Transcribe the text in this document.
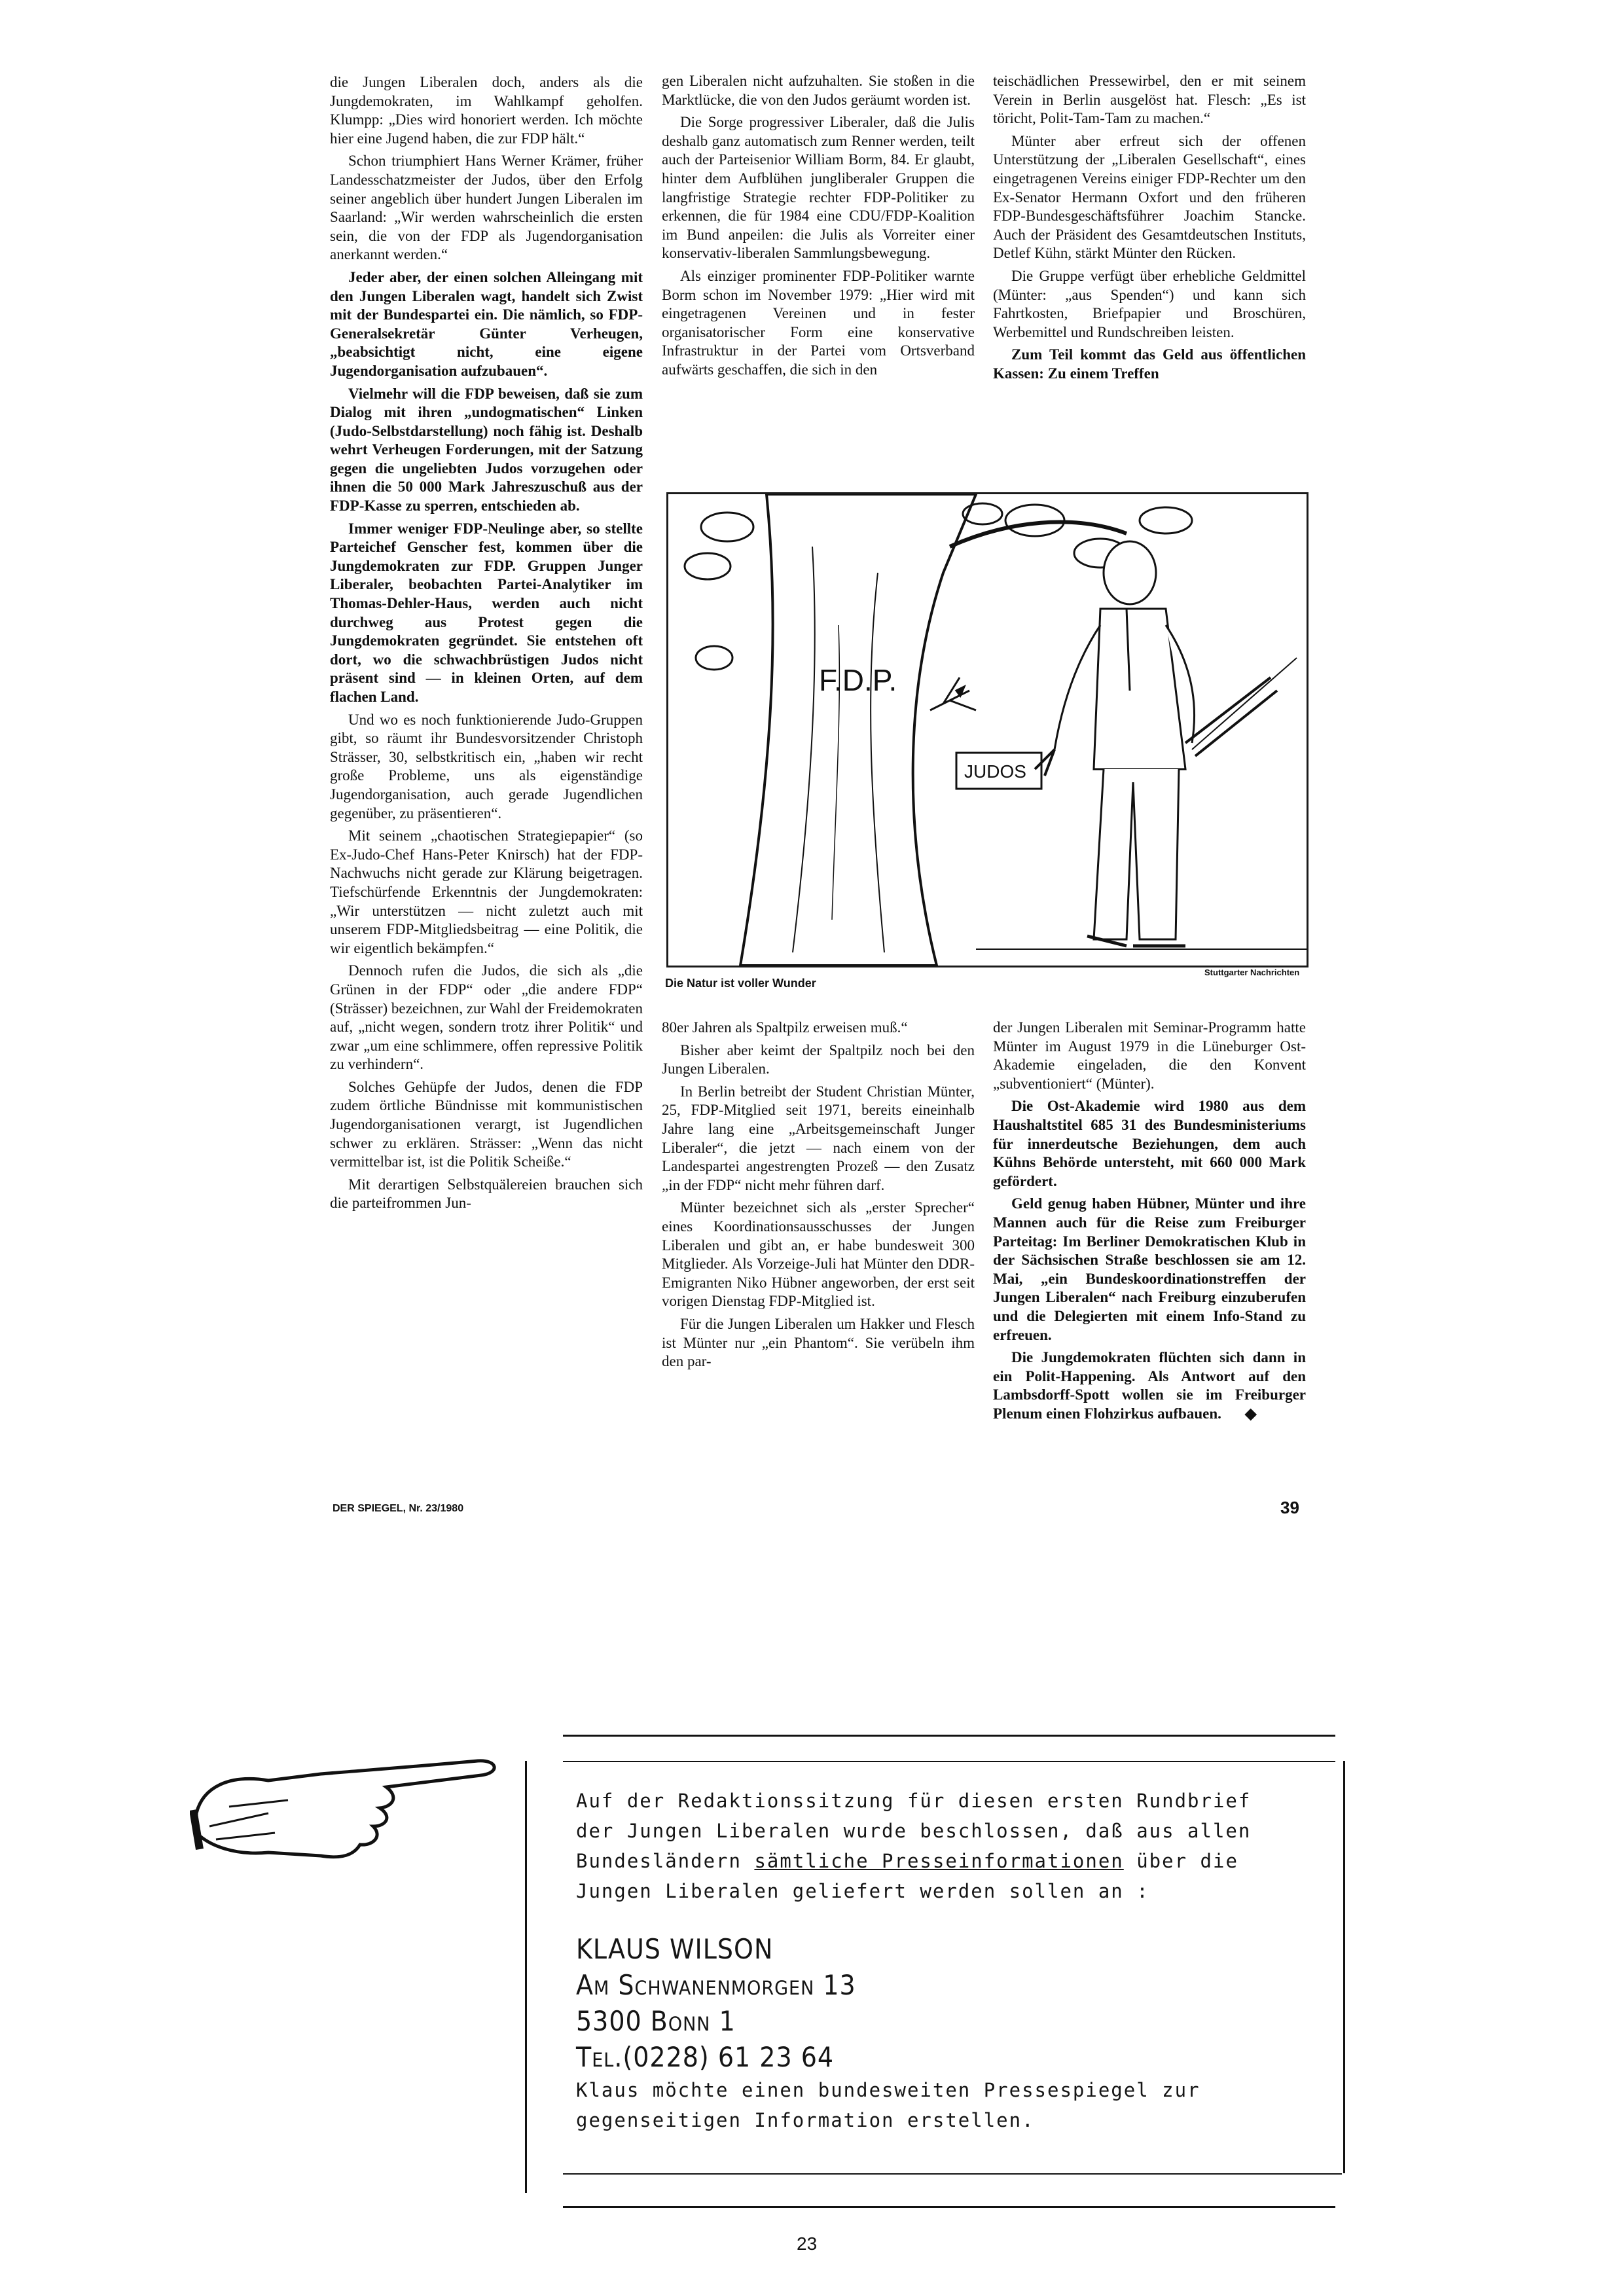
die Jungen Liberalen doch, anders als die Jungdemokraten, im Wahlkampf geholfen. Klumpp: „Dies wird honoriert werden. Ich möchte hier eine Jugend haben, die zur FDP hält.“

Schon triumphiert Hans Werner Krämer, früher Landesschatzmeister der Judos, über den Erfolg seiner angeblich über hundert Jungen Liberalen im Saarland: „Wir werden wahrscheinlich die ersten sein, die von der FDP als Jugendorganisation anerkannt werden.“

Jeder aber, der einen solchen Alleingang mit den Jungen Liberalen wagt, handelt sich Zwist mit der Bundespartei ein. Die nämlich, so FDP-Generalsekretär Günter Verheugen, „beabsichtigt nicht, eine eigene Jugendorganisation aufzubauen“.

Vielmehr will die FDP beweisen, daß sie zum Dialog mit ihren „undogmatischen“ Linken (Judo-Selbstdarstellung) noch fähig ist. Deshalb wehrt Verheugen Forderungen, mit der Satzung gegen die ungeliebten Judos vorzugehen oder ihnen die 50 000 Mark Jahreszuschuß aus der FDP-Kasse zu sperren, entschieden ab.

Immer weniger FDP-Neulinge aber, so stellte Parteichef Genscher fest, kommen über die Jungdemokraten zur FDP. Gruppen Junger Liberaler, beobachten Partei-Analytiker im Thomas-Dehler-Haus, werden auch nicht durchweg aus Protest gegen die Jungdemokraten gegründet. Sie entstehen oft dort, wo die schwachbrüstigen Judos nicht präsent sind — in kleinen Orten, auf dem flachen Land.

Und wo es noch funktionierende Judo-Gruppen gibt, so räumt ihr Bundesvorsitzender Christoph Strässer, 30, selbstkritisch ein, „haben wir recht große Probleme, uns als eigenständige Jugendorganisation, auch gerade Jugendlichen gegenüber, zu präsentieren“.

Mit seinem „chaotischen Strategiepapier“ (so Ex-Judo-Chef Hans-Peter Knirsch) hat der FDP-Nachwuchs nicht gerade zur Klärung beigetragen. Tiefschürfende Erkenntnis der Jungdemokraten: „Wir unterstützen — nicht zuletzt auch mit unserem FDP-Mitgliedsbeitrag — eine Politik, die wir eigentlich bekämpfen.“

Dennoch rufen die Judos, die sich als „die Grünen in der FDP“ oder „die andere FDP“ (Strässer) bezeichnen, zur Wahl der Freidemokraten auf, „nicht wegen, sondern trotz ihrer Politik“ und zwar „um eine schlimmere, offen repressive Politik zu verhindern“.

Solches Gehüpfe der Judos, denen die FDP zudem örtliche Bündnisse mit kommunistischen Jugendorganisationen verargt, ist Jugendlichen schwer zu erklären. Strässer: „Wenn das nicht vermittelbar ist, ist die Politik Scheiße.“

Mit derartigen Selbstquälereien brauchen sich die parteifrommen Jun-

gen Liberalen nicht aufzuhalten. Sie stoßen in die Marktlücke, die von den Judos geräumt worden ist.

Die Sorge progressiver Liberaler, daß die Julis deshalb ganz automatisch zum Renner werden, teilt auch der Parteisenior William Borm, 84. Er glaubt, hinter dem Aufblühen jungliberaler Gruppen die langfristige Strategie rechter FDP-Politiker zu erkennen, die für 1984 eine CDU/FDP-Koalition im Bund anpeilen: die Julis als Vorreiter einer konservativ-liberalen Sammlungsbewegung.

Als einziger prominenter FDP-Politiker warnte Borm schon im November 1979: „Hier wird mit eingetragenen Vereinen und in fester organisatorischer Form eine konservative Infrastruktur in der Partei vom Ortsverband aufwärts geschaffen, die sich in den

teischädlichen Pressewirbel, den er mit seinem Verein in Berlin ausgelöst hat. Flesch: „Es ist töricht, Polit-Tam-Tam zu machen.“

Münter aber erfreut sich der offenen Unterstützung der „Liberalen Gesellschaft“, eines eingetragenen Vereins einiger FDP-Rechter um den Ex-Senator Hermann Oxfort und den früheren FDP-Bundesgeschäftsführer Joachim Stancke. Auch der Präsident des Gesamtdeutschen Instituts, Detlef Kühn, stärkt Münter den Rücken.

Die Gruppe verfügt über erhebliche Geldmittel (Münter: „aus Spenden“) und kann sich Fahrtkosten, Briefpapier und Broschüren, Werbemittel und Rundschreiben leisten.

Zum Teil kommt das Geld aus öffentlichen Kassen: Zu einem Treffen

F.D.P.
JUDOS
Die Natur ist voller Wunder
Stuttgarter Nachrichten

80er Jahren als Spaltpilz erweisen muß.“

Bisher aber keimt der Spaltpilz noch bei den Jungen Liberalen.

In Berlin betreibt der Student Christian Münter, 25, FDP-Mitglied seit 1971, bereits eineinhalb Jahre lang eine „Arbeitsgemeinschaft Junger Liberaler“, die jetzt — nach einem von der Landespartei angestrengten Prozeß — den Zusatz „in der FDP“ nicht mehr führen darf.

Münter bezeichnet sich als „erster Sprecher“ eines Koordinationsausschusses der Jungen Liberalen und gibt an, er habe bundesweit 300 Mitglieder. Als Vorzeige-Juli hat Münter den DDR-Emigranten Niko Hübner angeworben, der erst seit vorigen Dienstag FDP-Mitglied ist.

Für die Jungen Liberalen um Hakker und Flesch ist Münter nur „ein Phantom“. Sie verübeln ihm den par-

der Jungen Liberalen mit Seminar-Programm hatte Münter im August 1979 in die Lüneburger Ost-Akademie eingeladen, die den Konvent „subventioniert“ (Münter).

Die Ost-Akademie wird 1980 aus dem Haushaltstitel 685 31 des Bundesministeriums für innerdeutsche Beziehungen, dem auch Kühns Behörde untersteht, mit 660 000 Mark gefördert.

Geld genug haben Hübner, Münter und ihre Mannen auch für die Reise zum Freiburger Parteitag: Im Berliner Demokratischen Klub in der Sächsischen Straße beschlossen sie am 12. Mai, „ein Bundeskoordinationstreffen der Jungen Liberalen“ nach Freiburg einzuberufen und die Delegierten mit einem Info-Stand zu erfreuen.

Die Jungdemokraten flüchten sich dann in ein Polit-Happening. Als Antwort auf den Lambsdorff-Spott wollen sie im Freiburger Plenum einen Flohzirkus aufbauen. ◆

DER SPIEGEL, Nr. 23/1980	39
Auf der Redaktionssitzung für diesen ersten Rundbrief
der Jungen Liberalen wurde beschlossen, daß aus allen
Bundesländern sämtliche Presseinformationen über die
Jungen Liberalen geliefert werden sollen an :
KLAUS WILSON
Am Schwanenmorgen 13
5300 Bonn 1
Tel.(0228) 61 23 64
Klaus möchte einen bundesweiten Pressespiegel zur
gegenseitigen Information erstellen.
23
